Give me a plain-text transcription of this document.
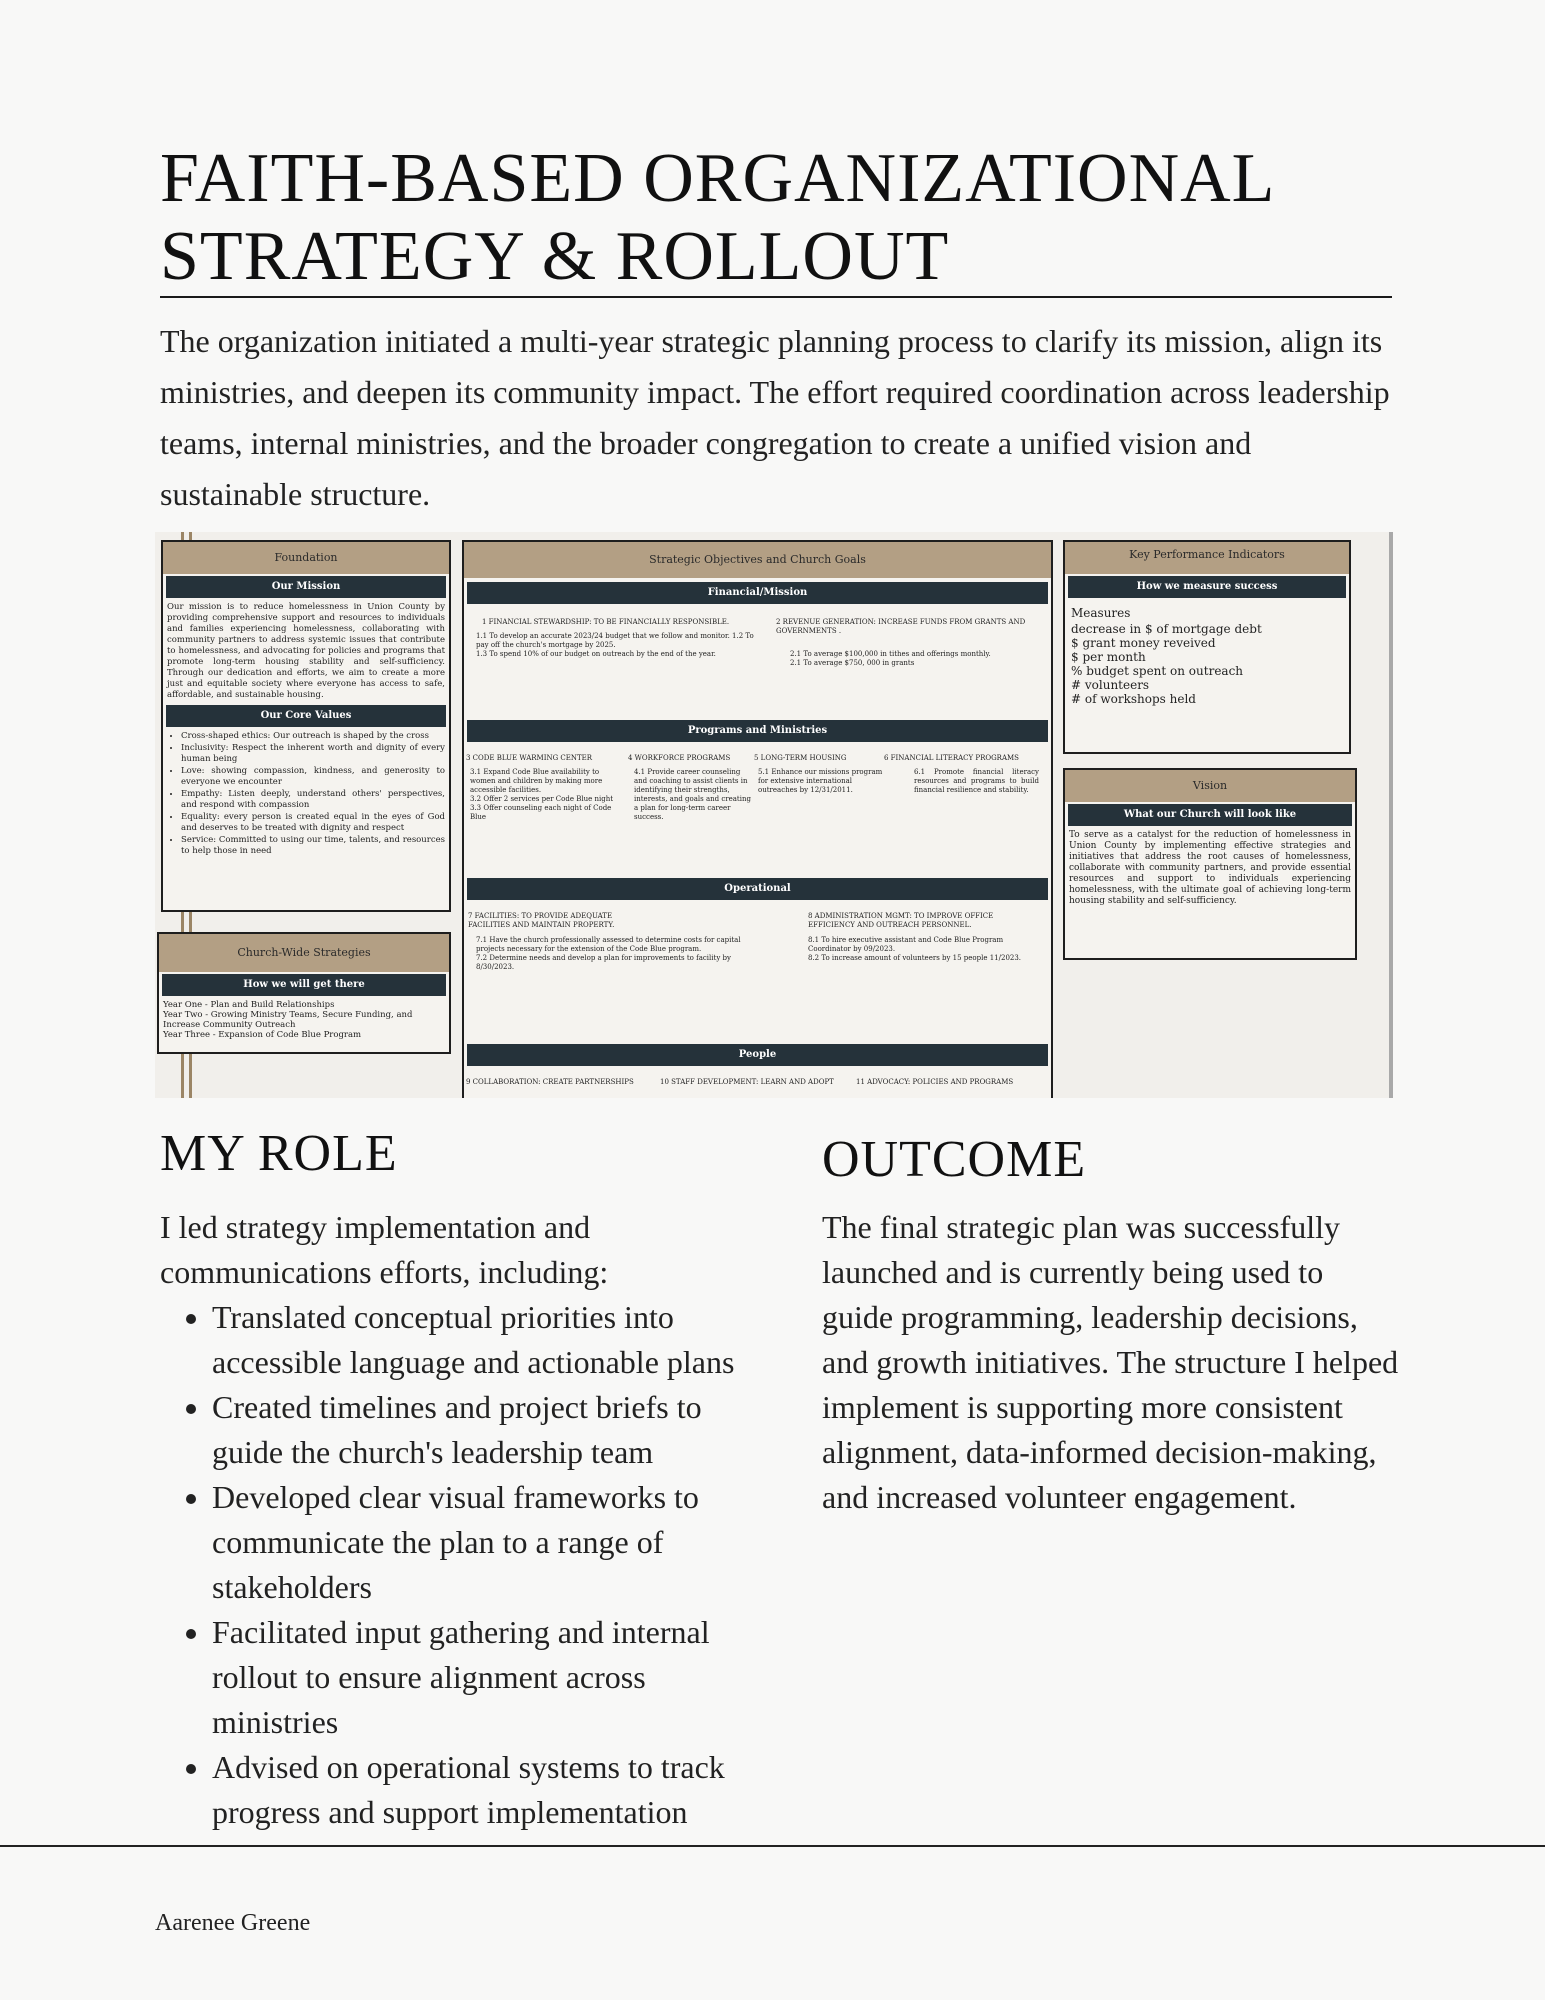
FAITH-BASED ORGANIZATIONAL
STRATEGY & ROLLOUT

The organization initiated a multi-year strategic planning process to clarify its mission, align its ministries, and deepen its community impact. The effort required coordination across leadership teams, internal ministries, and the broader congregation to create a unified vision and sustainable structure.

Foundation
Our Mission
Our mission is to reduce homelessness in Union County by providing comprehensive support and resources to individuals and families experiencing homelessness, collaborating with community partners to address systemic issues that contribute to homelessness, and advocating for policies and programs that promote long-term housing stability and self-sufficiency. Through our dedication and efforts, we aim to create a more just and equitable society where everyone has access to safe, affordable, and sustainable housing.
Our Core Values
• Cross-shaped ethics: Our outreach is shaped by the cross
• Inclusivity: Respect the inherent worth and dignity of every human being
• Love: showing compassion, kindness, and generosity to everyone we encounter
• Empathy: Listen deeply, understand others' perspectives, and respond with compassion
• Equality: every person is created equal in the eyes of God and deserves to be treated with dignity and respect
• Service: Committed to using our time, talents, and resources to help those in need
Church-Wide Strategies
How we will get there
Year One - Plan and Build Relationships
Year Two - Growing Ministry Teams, Secure Funding, and Increase Community Outreach
Year Three - Expansion of Code Blue Program
Strategic Objectives and Church Goals
Financial/Mission
1 FINANCIAL STEWARDSHIP: TO BE FINANCIALLY RESPONSIBLE.
1.1 To develop an accurate 2023/24 budget that we follow and monitor. 1.2 To pay off the church's mortgage by 2025.
1.3 To spend 10% of our budget on outreach by the end of the year.
2 REVENUE GENERATION: INCREASE FUNDS FROM GRANTS AND GOVERNMENTS .
2.1 To average $100,000 in tithes and offerings monthly.
2.1 To average $750, 000 in grants
Programs and Ministries
3 CODE BLUE WARMING CENTER
3.1 Expand Code Blue availability to women and children by making more accessible facilities.
3.2 Offer 2 services per Code Blue night
3.3 Offer counseling each night of Code Blue
4 WORKFORCE PROGRAMS
4.1 Provide career counseling and coaching to assist clients in identifying their strengths, interests, and goals and creating a plan for long-term career success.
5 LONG-TERM HOUSING
5.1 Enhance our missions program for extensive international outreaches by 12/31/2011.
6 FINANCIAL LITERACY PROGRAMS
6.1 Promote financial literacy resources and programs to build financial resilience and stability.
Operational
7 FACILITIES: TO PROVIDE ADEQUATE FACILITIES AND MAINTAIN PROPERTY.
7.1 Have the church professionally assessed to determine costs for capital projects necessary for the extension of the Code Blue program.
7.2 Determine needs and develop a plan for improvements to facility by 8/30/2023.
8 ADMINISTRATION MGMT: TO IMPROVE OFFICE EFFICIENCY AND OUTREACH PERSONNEL.
8.1 To hire executive assistant and Code Blue Program Coordinator by 09/2023.
8.2 To increase amount of volunteers by 15 people 11/2023.
People
9 COLLABORATION: CREATE PARTNERSHIPS	10 STAFF DEVELOPMENT: LEARN AND ADOPT	11 ADVOCACY: POLICIES AND PROGRAMS
Key Performance Indicators
How we measure success
Measures
decrease in $ of mortgage debt
$ grant money reveived
$ per month
% budget spent on outreach
# volunteers
# of workshops held
Vision
What our Church will look like
To serve as a catalyst for the reduction of homelessness in Union County by implementing effective strategies and initiatives that address the root causes of homelessness, collaborate with community partners, and provide essential resources and support to individuals experiencing homelessness, with the ultimate goal of achieving long-term housing stability and self-sufficiency.
MY ROLE

I led strategy implementation and communications efforts, including:

• Translated conceptual priorities into accessible language and actionable plans
• Created timelines and project briefs to guide the church's leadership team
• Developed clear visual frameworks to communicate the plan to a range of stakeholders
• Facilitated input gathering and internal rollout to ensure alignment across ministries
• Advised on operational systems to track progress and support implementation
OUTCOME

The final strategic plan was successfully launched and is currently being used to guide programming, leadership decisions, and growth initiatives. The structure I helped implement is supporting more consistent alignment, data-informed decision-making, and increased volunteer engagement.

Aarenee Greene
